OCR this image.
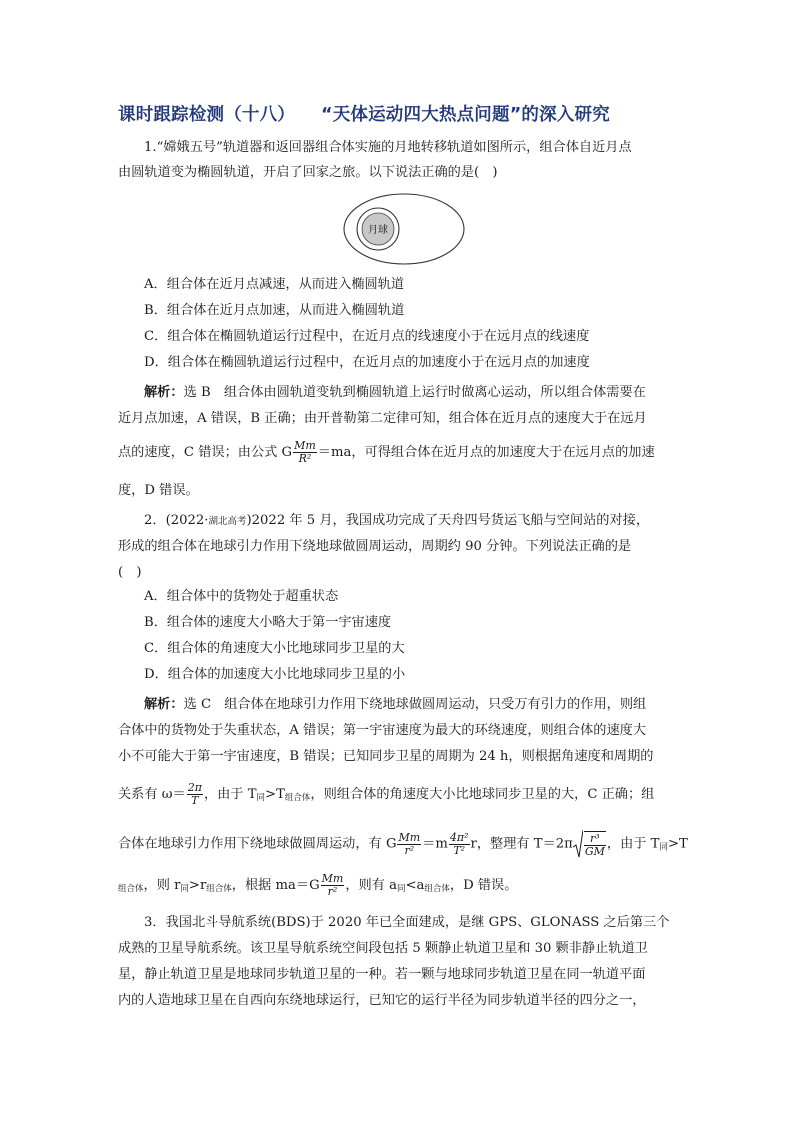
课时跟踪检测（十八） “天体运动四大热点问题”的深入研究
1.“嫦娥五号”轨道器和返回器组合体实施的月地转移轨道如图所示，组合体自近月点
由圆轨道变为椭圆轨道，开启了回家之旅。以下说法正确的是(　)
月球
A．组合体在近月点减速，从而进入椭圆轨道
B．组合体在近月点加速，从而进入椭圆轨道
C．组合体在椭圆轨道运行过程中，在近月点的线速度小于在远月点的线速度
D．组合体在椭圆轨道运行过程中，在近月点的加速度小于在远月点的加速度
解析：选 B　组合体由圆轨道变轨到椭圆轨道上运行时做离心运动，所以组合体需要在
近月点加速，A 错误，B 正确；由开普勒第二定律可知，组合体在近月点的速度大于在远月
点的速度，C 错误；由公式 G $\frac{Mm}{\text{R²}} =ma$，可得组合体在近月点的加速度大于在远月点的加速
度，D 错误。
2．(2022·湖北高考)2022 年 5 月，我国成功完成了天舟四号货运飞船与空间站的对接，
形成的组合体在地球引力作用下绕地球做圆周运动，周期约 90 分钟。下列说法正确的是
(　)
A．组合体中的货物处于超重状态
B．组合体的速度大小略大于第一宇宙速度
C．组合体的角速度大小比地球同步卫星的大
D．组合体的加速度大小比地球同步卫星的小
解析：选 C　组合体在地球引力作用下绕地球做圆周运动，只受万有引力的作用，则组
合体中的货物处于失重状态，A 错误；第一宇宙速度为最大的环绕速度，则组合体的速度大
小不可能大于第一宇宙速度，B 错误；已知同步卫星的周期为 24 h，则根据角速度和周期的
关系有 $\omega= \frac{2\pi}{T}$ ，由于 $T_同>T_{组合体}$，则组合体的角速度大小比地球同步卫星的大，C 正确；组
合体在地球引力作用下绕地球做圆周运动，有 G $\frac{Mm}{\text{r²}} =m \frac{\text{4π²}}{\text{T²}}$ r，整理有 $T=2\pi \frac{\text{r³}}{GM}$ ，由于 $T_同>T$
$_{组合体}$，则 $r_同>r_{组合体}$，根据 $ma=G \frac{Mm}{\text{r²}}$ ，则有 $a_同<a_{组合体}$，D 错误。
3．我国北斗导航系统(BDS)于 2020 年已全面建成，是继 GPS、GLONASS 之后第三个
成熟的卫星导航系统。该卫星导航系统空间段包括 5 颗静止轨道卫星和 30 颗非静止轨道卫
星，静止轨道卫星是地球同步轨道卫星的一种。若一颗与地球同步轨道卫星在同一轨道平面
内的人造地球卫星在自西向东绕地球运行，已知它的运行半径为同步轨道半径的四分之一，
